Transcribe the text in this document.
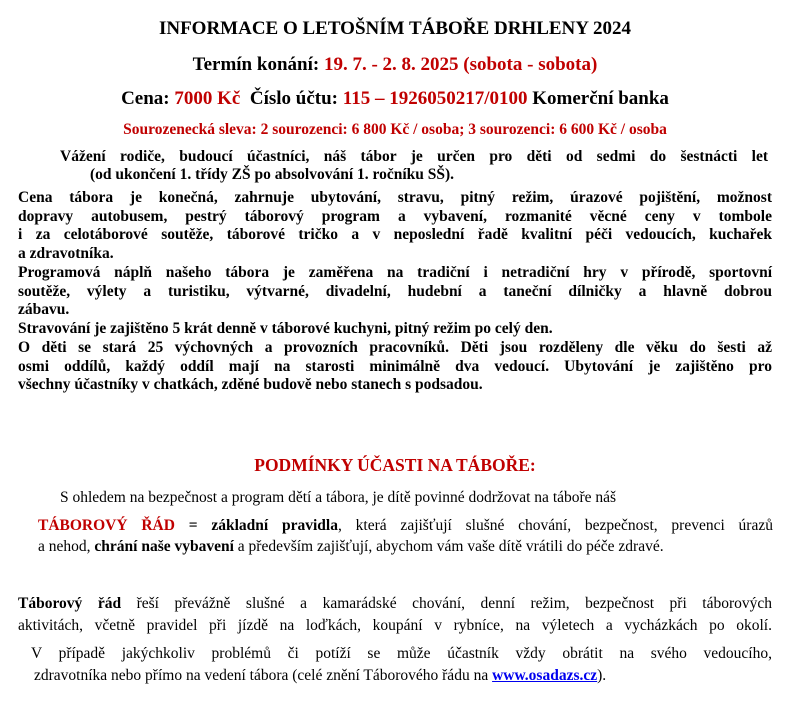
INFORMACE O LETOŠNÍM TÁBOŘE DRHLENY 2024
Termín konání: 19. 7. - 2. 8. 2025 (sobota - sobota)
Cena: 7000 Kč Číslo účtu: 115 – 1926050217/0100 Komerční banka
Sourozenecká sleva: 2 sourozenci: 6 800 Kč / osoba; 3 sourozenci: 6 600 Kč / osoba
Vážení rodiče, budoucí účastníci, náš tábor je určen pro děti od sedmi do šestnácti let
(od ukončení 1. třídy ZŠ po absolvování 1. ročníku SŠ).
Cena tábora je konečná, zahrnuje ubytování, stravu, pitný režim, úrazové pojištění, možnost
dopravy autobusem, pestrý táborový program a vybavení, rozmanité věcné ceny v tombole
i za celotáborové soutěže, táborové tričko a v neposlední řadě kvalitní péči vedoucích, kuchařek
a zdravotníka.
Programová náplň našeho tábora je zaměřena na tradiční i netradiční hry v přírodě, sportovní
soutěže, výlety a turistiku, výtvarné, divadelní, hudební a taneční dílničky a hlavně dobrou
zábavu.
Stravování je zajištěno 5 krát denně v táborové kuchyni, pitný režim po celý den.
O děti se stará 25 výchovných a provozních pracovníků. Děti jsou rozděleny dle věku do šesti až
osmi oddílů, každý oddíl mají na starosti minimálně dva vedoucí. Ubytování je zajištěno pro
všechny účastníky v chatkách, zděné budově nebo stanech s podsadou.
PODMÍNKY ÚČASTI NA TÁBOŘE:
S ohledem na bezpečnost a program dětí a tábora, je dítě povinné dodržovat na táboře náš
TÁBOROVÝ ŘÁD = základní pravidla, která zajišťují slušné chování, bezpečnost, prevenci úrazů
a nehod, chrání naše vybavení a především zajišťují, abychom vám vaše dítě vrátili do péče zdravé.
Táborový řád řeší převážně slušné a kamarádské chování, denní režim, bezpečnost při táborových
aktivitách, včetně pravidel při jízdě na loďkách, koupání v rybníce, na výletech a vycházkách po okolí.
V případě jakýchkoliv problémů či potíží se může účastník vždy obrátit na svého vedoucího,
zdravotníka nebo přímo na vedení tábora (celé znění Táborového řádu na www.osadazs.cz).
